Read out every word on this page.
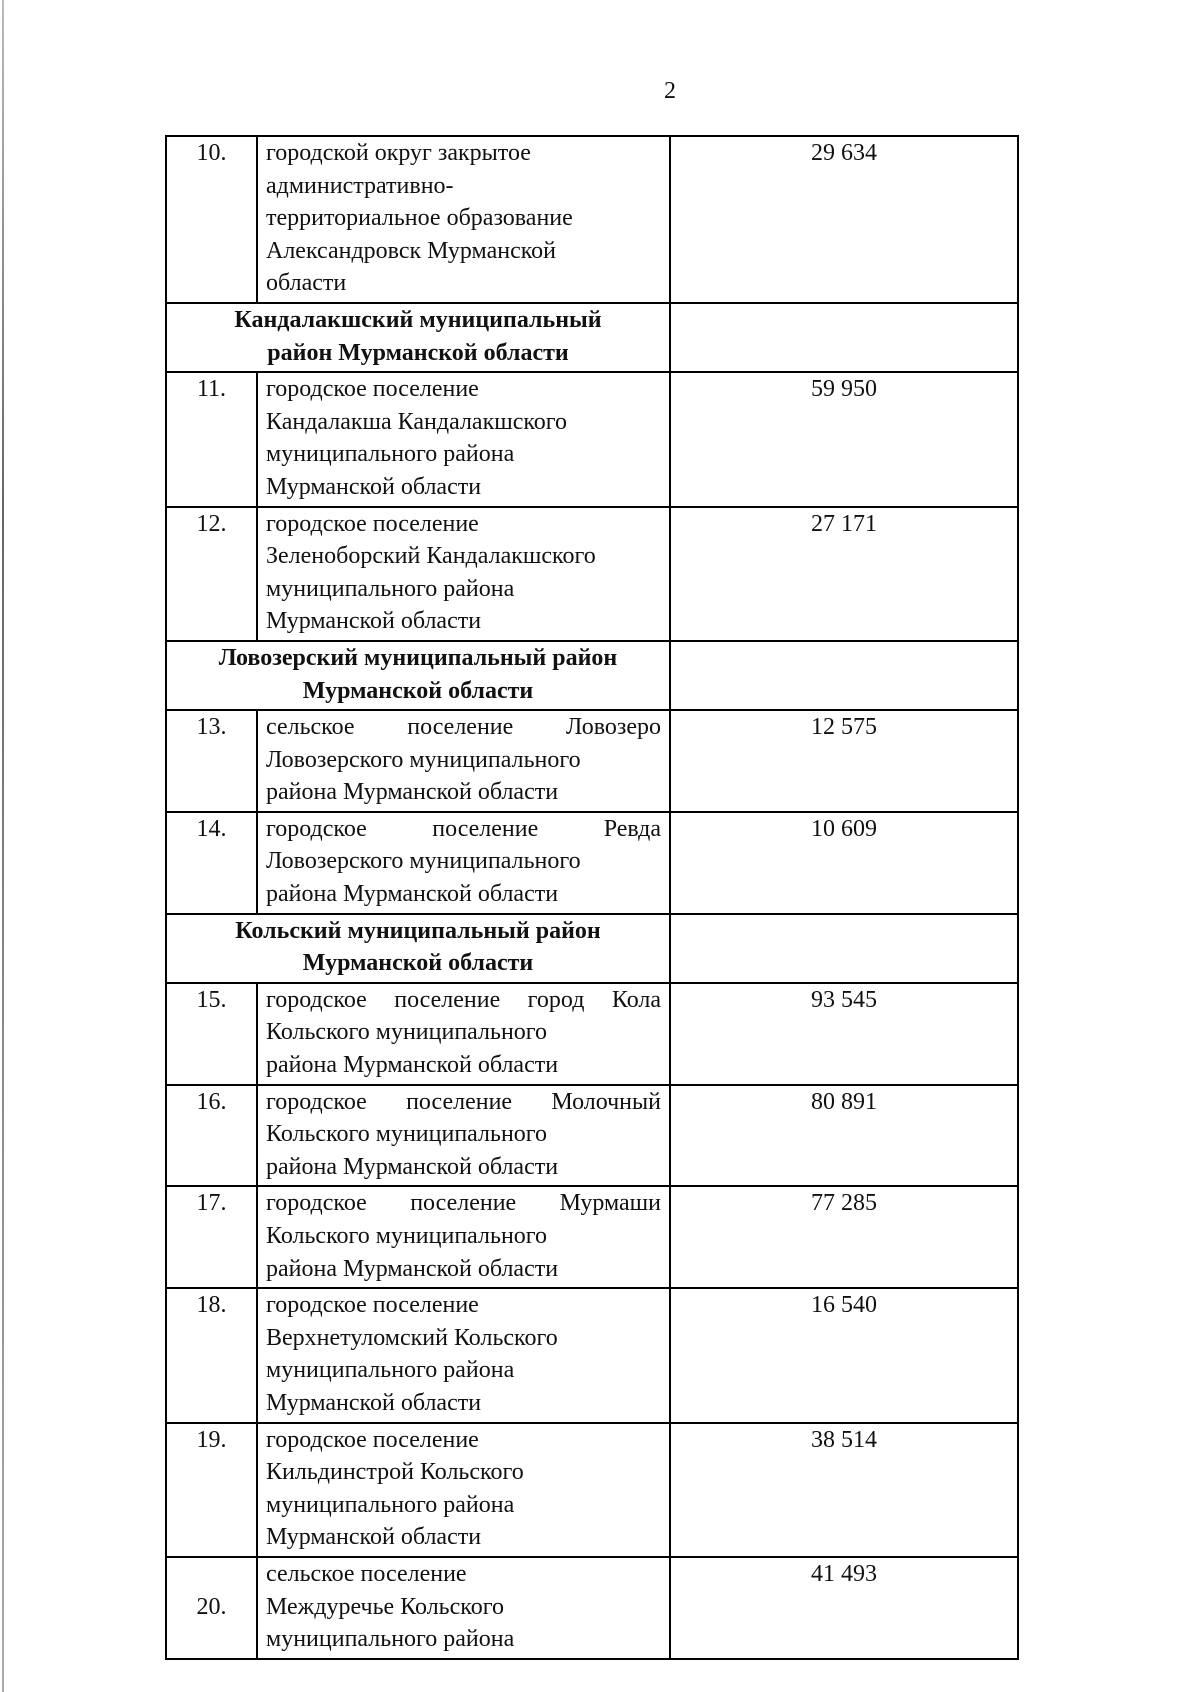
2
10.	городской округ закрытое
административно-
территориальное образование
Александровск Мурманской
области	29 634

Кандалакшский муниципальный
район Мурманской области		

11.	городское поселение
Кандалакша Кандалакшского
муниципального района
Мурманской области	59 950
12.	городское поселение
Зеленоборский Кандалакшского
муниципального района
Мурманской области	27 171

Ловозерский муниципальный район
Мурманской области		

13.	сельское поселение Ловозеро Ловозерского муниципального
района Мурманской области	12 575
14.	городское поселение Ревда Ловозерского муниципального
района Мурманской области	10 609

Кольский муниципальный район
Мурманской области		

15.	городское поселение город Кола Кольского муниципального
района Мурманской области	93 545
16.	городское поселение Молочный Кольского муниципального
района Мурманской области	80 891
17.	городское поселение Мурмаши Кольского муниципального
района Мурманской области	77 285
18.	городское поселение
Верхнетуломский Кольского
муниципального района
Мурманской области	16 540
19.	городское поселение
Кильдинстрой Кольского
муниципального района
Мурманской области	38 514
20.	сельское поселение
Междуречье Кольского
муниципального района	41 493
